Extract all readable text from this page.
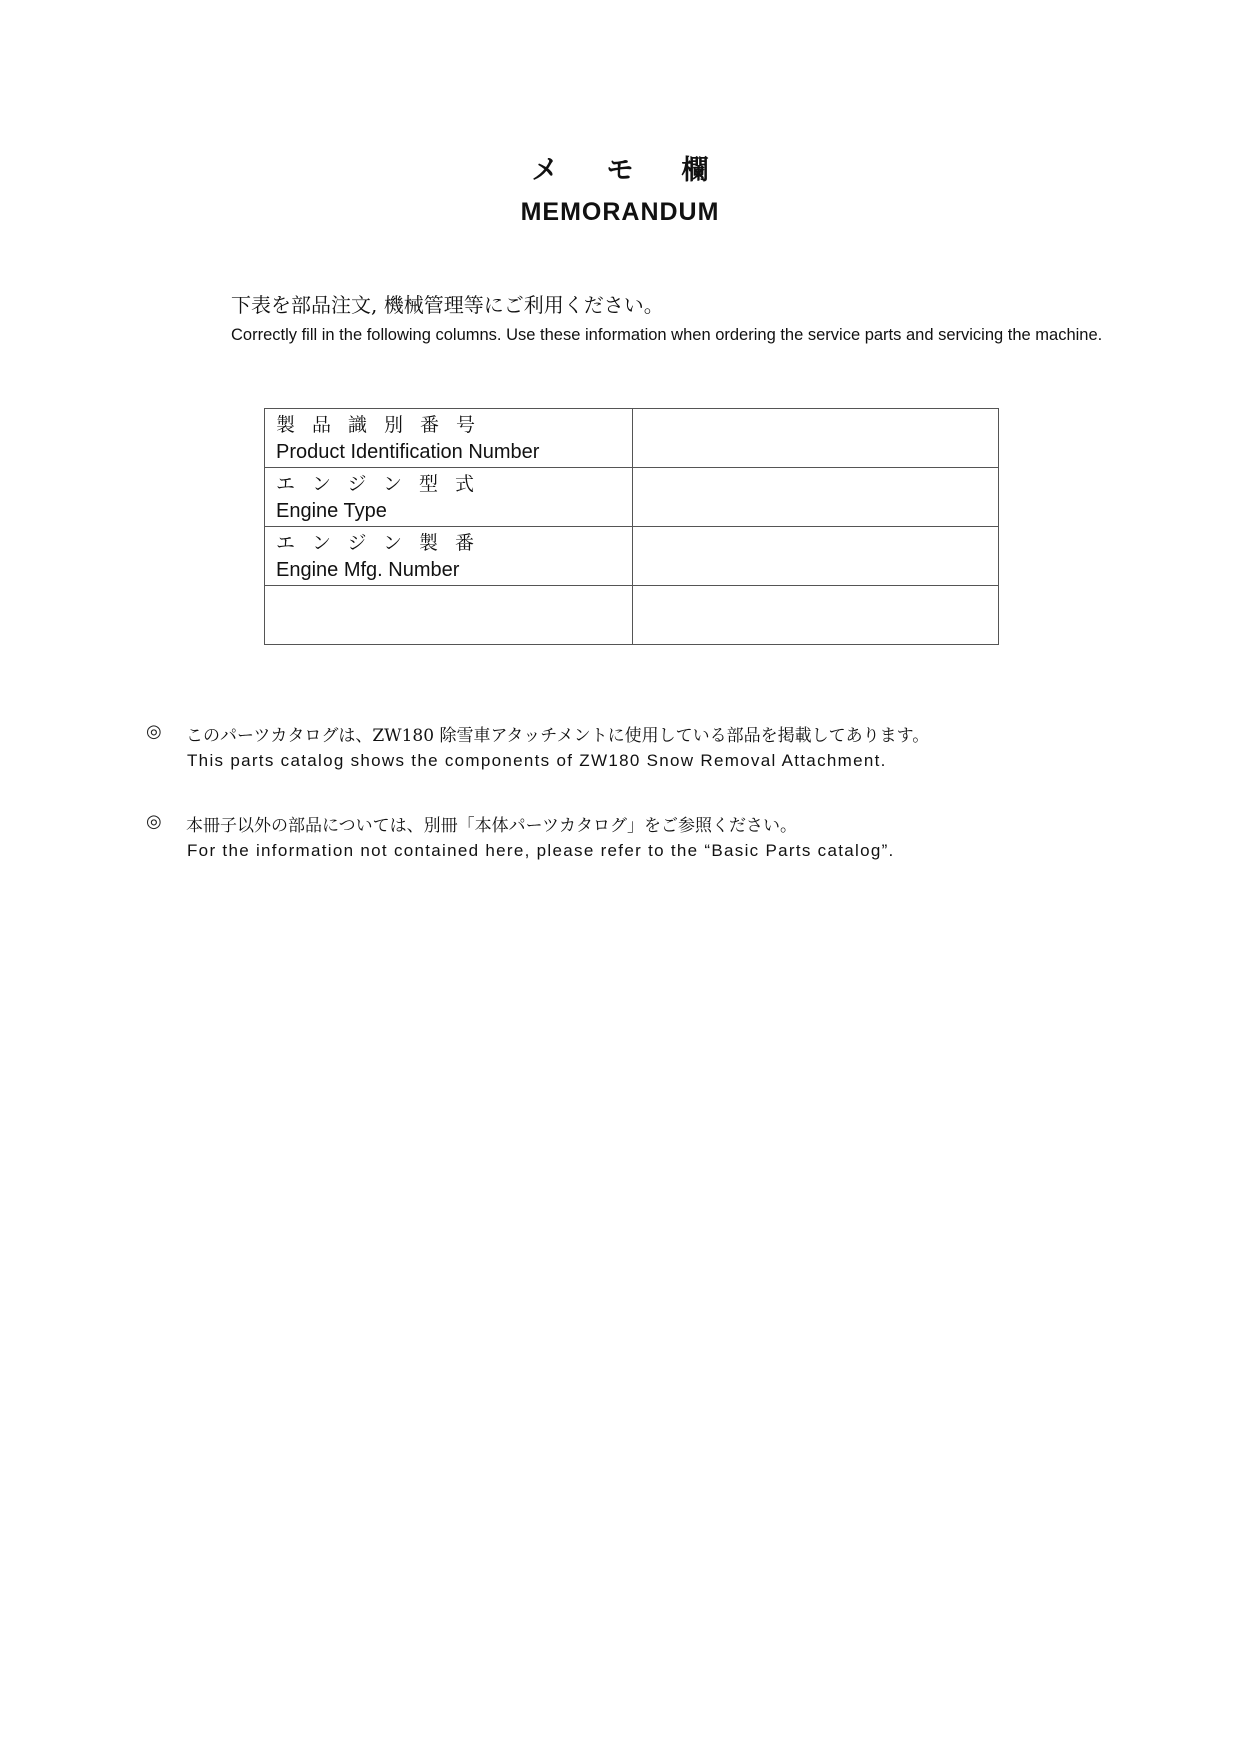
メモ欄
MEMORANDUM
下表を部品注文, 機械管理等にご利用ください。
Correctly fill in the following columns. Use these information when ordering the service parts and servicing the machine.
製品識別番号
Product Identification Number	

エンジン型式
Engine Type	

エンジン製番
Engine Mfg. Number	

◎ このパーツカタログは、ZW180 除雪車アタッチメントに使用している部品を掲載してあります。
This parts catalog shows the components of ZW180 Snow Removal Attachment.
◎ 本冊子以外の部品については、別冊「本体パーツカタログ」をご参照ください。
For the information not contained here, please refer to the “Basic Parts catalog”.
